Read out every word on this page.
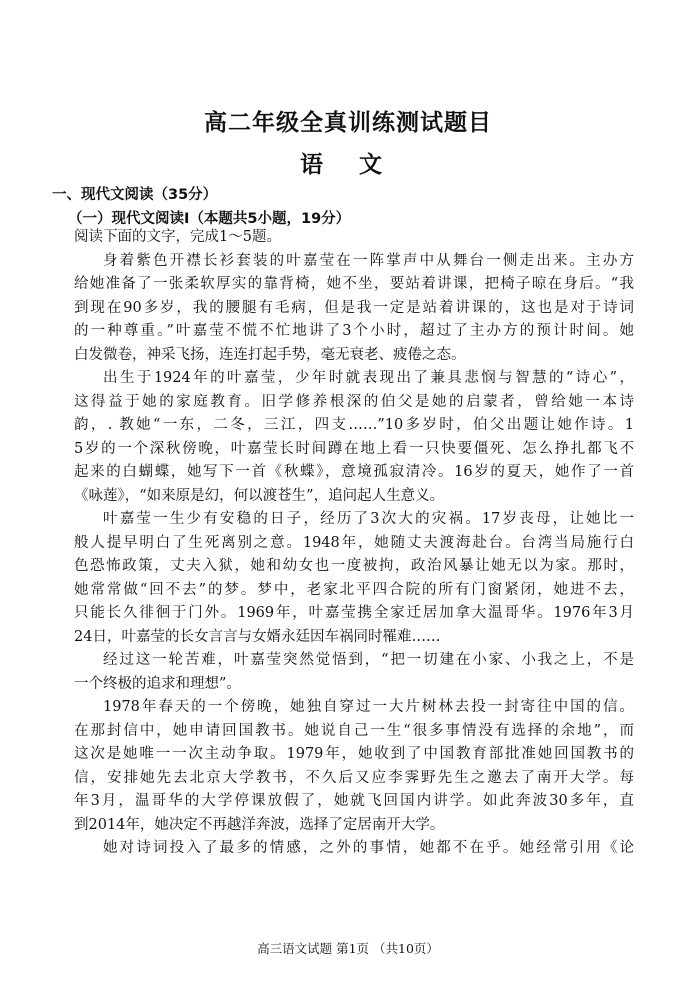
高二年级全真训练测试题目
语 文
一、现代文阅读（35分）
（一）现代文阅读Ⅰ（本题共5小题，19分）
阅读下面的文字，完成1～5题。
身着紫色开襟长衫套装的叶嘉莹在一阵掌声中从舞台一侧走出来。主办方
给她准备了一张柔软厚实的靠背椅，她不坐，要站着讲课，把椅子晾在身后。“我
到现在90多岁，我的腰腿有毛病，但是我一定是站着讲课的，这也是对于诗词
的一种尊重。”叶嘉莹不慌不忙地讲了3个小时，超过了主办方的预计时间。她
白发微卷，神采飞扬，连连打起手势，毫无衰老、疲倦之态。
出生于1924年的叶嘉莹，少年时就表现出了兼具悲悯与智慧的“诗心”，
这得益于她的家庭教育。旧学修养根深的伯父是她的启蒙者，曾给她一本诗
韵，. 教她“一东，二冬，三江，四支……”10多岁时，伯父出题让她作诗。1
5岁的一个深秋傍晚，叶嘉莹长时间蹲在地上看一只快要僵死、怎么挣扎都飞不
起来的白蝴蝶，她写下一首《秋蝶》，意境孤寂清冷。16岁的夏天，她作了一首
《咏莲》，“如来原是幻，何以渡苍生”，追问起人生意义。
叶嘉莹一生少有安稳的日子，经历了3次大的灾祸。17岁丧母，让她比一
般人提早明白了生死离别之意。1948年，她随丈夫渡海赴台。台湾当局施行白
色恐怖政策，丈夫入狱，她和幼女也一度被拘，政治风暴让她无以为家。那时，
她常常做“回不去”的梦。梦中，老家北平四合院的所有门窗紧闭，她进不去，
只能长久徘徊于门外。1969年，叶嘉莹携全家迁居加拿大温哥华。1976年3月
24日，叶嘉莹的长女言言与女婿永廷因车祸同时罹难……
经过这一轮苦难，叶嘉莹突然觉悟到，“把一切建在小家、小我之上，不是
一个终极的追求和理想”。
1978年春天的一个傍晚，她独自穿过一大片树林去投一封寄往中国的信。
在那封信中，她申请回国教书。她说自己一生“很多事情没有选择的余地”，而
这次是她唯一一次主动争取。1979年，她收到了中国教育部批准她回国教书的
信，安排她先去北京大学教书，不久后又应李霁野先生之邀去了南开大学。每
年3月，温哥华的大学停课放假了，她就飞回国内讲学。如此奔波30多年，直
到2014年，她决定不再越洋奔波，选择了定居南开大学。
她对诗词投入了最多的情感，之外的事情，她都不在乎。她经常引用《论
高三语文试题 第1页 （共10页）
